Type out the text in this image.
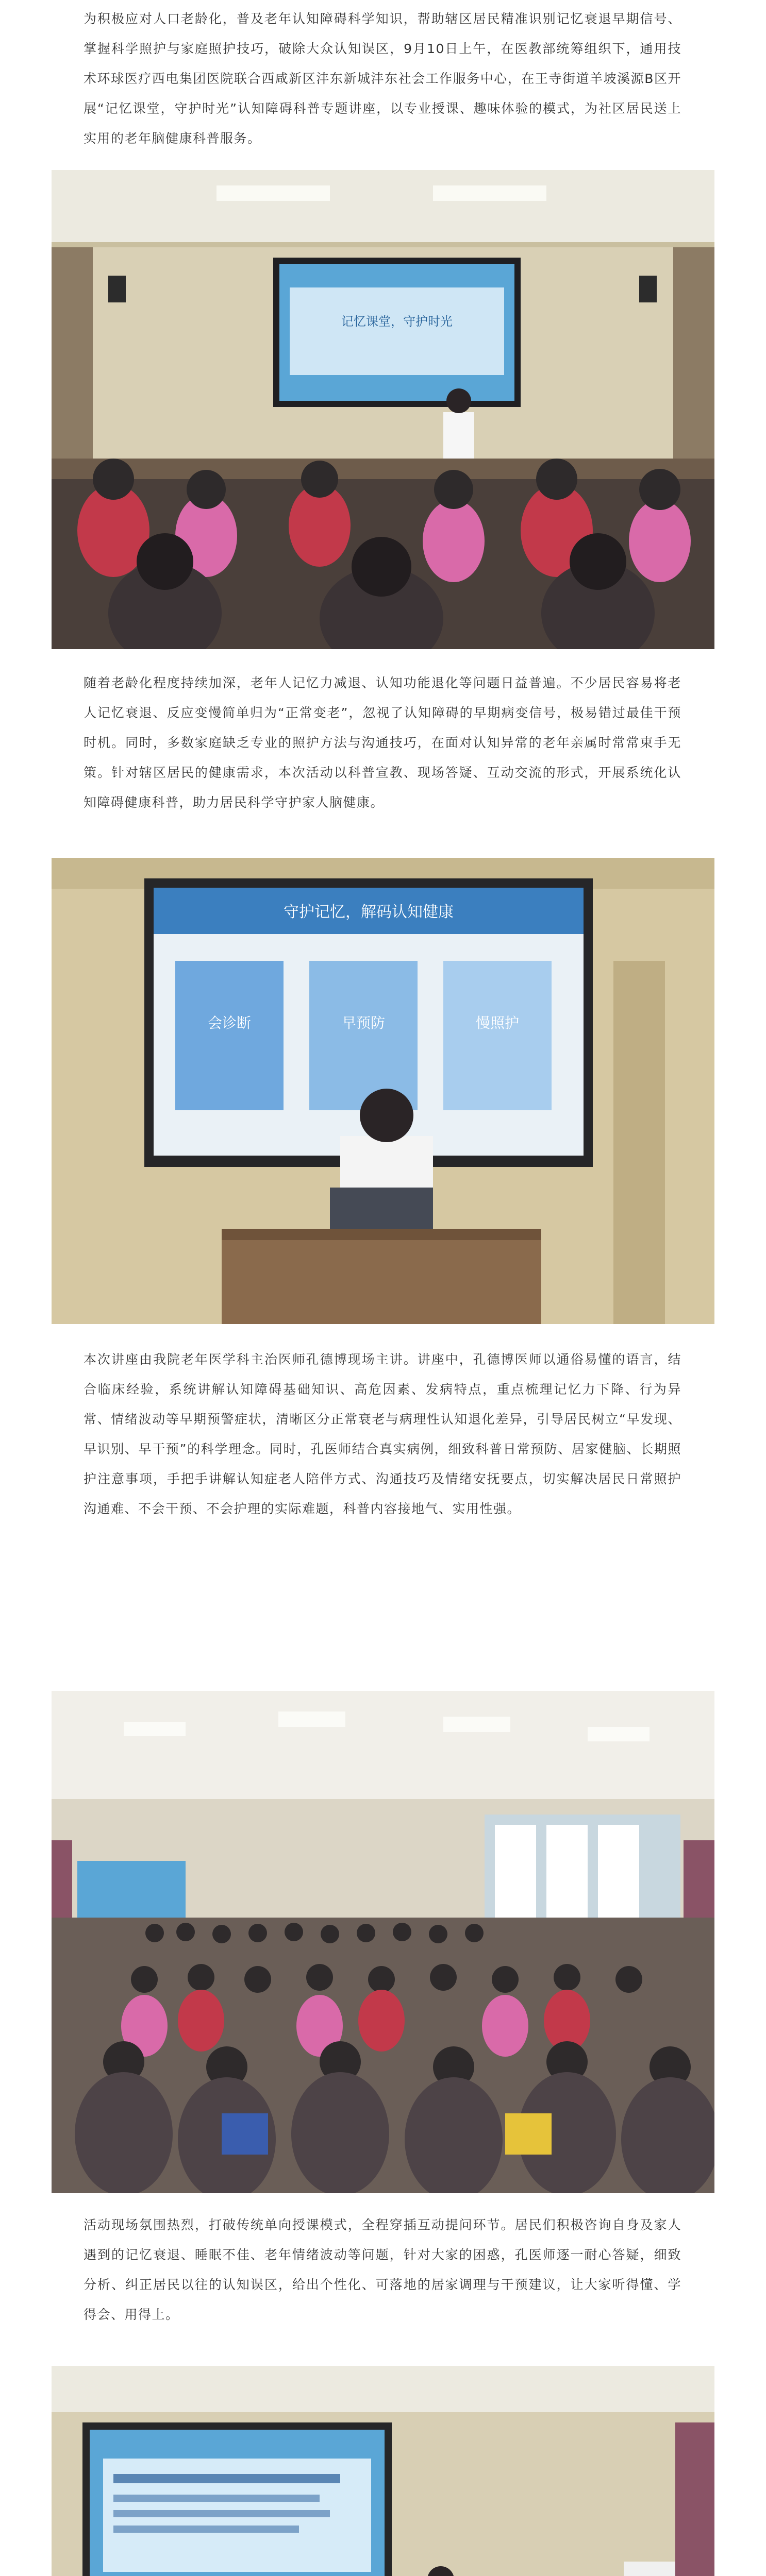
为积极应对人口老龄化，普及老年认知障碍科学知识，帮助辖区居民精准识别记忆衰退早期信号、掌握科学照护与家庭照护技巧，破除大众认知误区，9月10日上午，在医教部统筹组织下，通用技术环球医疗西电集团医院联合西咸新区沣东新城沣东社会工作服务中心，在王寺街道羊坡溪源B区开展“记忆课堂，守护时光”认知障碍科普专题讲座，以专业授课、趣味体验的模式，为社区居民送上实用的老年脑健康科普服务。

记忆课堂，守护时光

随着老龄化程度持续加深，老年人记忆力减退、认知功能退化等问题日益普遍。不少居民容易将老人记忆衰退、反应变慢简单归为“正常变老”，忽视了认知障碍的早期病变信号，极易错过最佳干预时机。同时，多数家庭缺乏专业的照护方法与沟通技巧，在面对认知异常的老年亲属时常常束手无策。针对辖区居民的健康需求，本次活动以科普宣教、现场答疑、互动交流的形式，开展系统化认知障碍健康科普，助力居民科学守护家人脑健康。

守护记忆，解码认知健康
会诊断	早预防	慢照护

本次讲座由我院老年医学科主治医师孔德博现场主讲。讲座中，孔德博医师以通俗易懂的语言，结合临床经验，系统讲解认知障碍基础知识、高危因素、发病特点，重点梳理记忆力下降、行为异常、情绪波动等早期预警症状，清晰区分正常衰老与病理性认知退化差异，引导居民树立“早发现、早识别、早干预”的科学理念。同时，孔医师结合真实病例，细致科普日常预防、居家健脑、长期照护注意事项，手把手讲解认知症老人陪伴方式、沟通技巧及情绪安抚要点，切实解决居民日常照护沟通难、不会干预、不会护理的实际难题，科普内容接地气、实用性强。

活动现场氛围热烈，打破传统单向授课模式，全程穿插互动提问环节。居民们积极咨询自身及家人遇到的记忆衰退、睡眠不佳、老年情绪波动等问题，针对大家的困惑，孔医师逐一耐心答疑，细致分析、纠正居民以往的认知误区，给出个性化、可落地的居家调理与干预建议，让大家听得懂、学得会、用得上。
